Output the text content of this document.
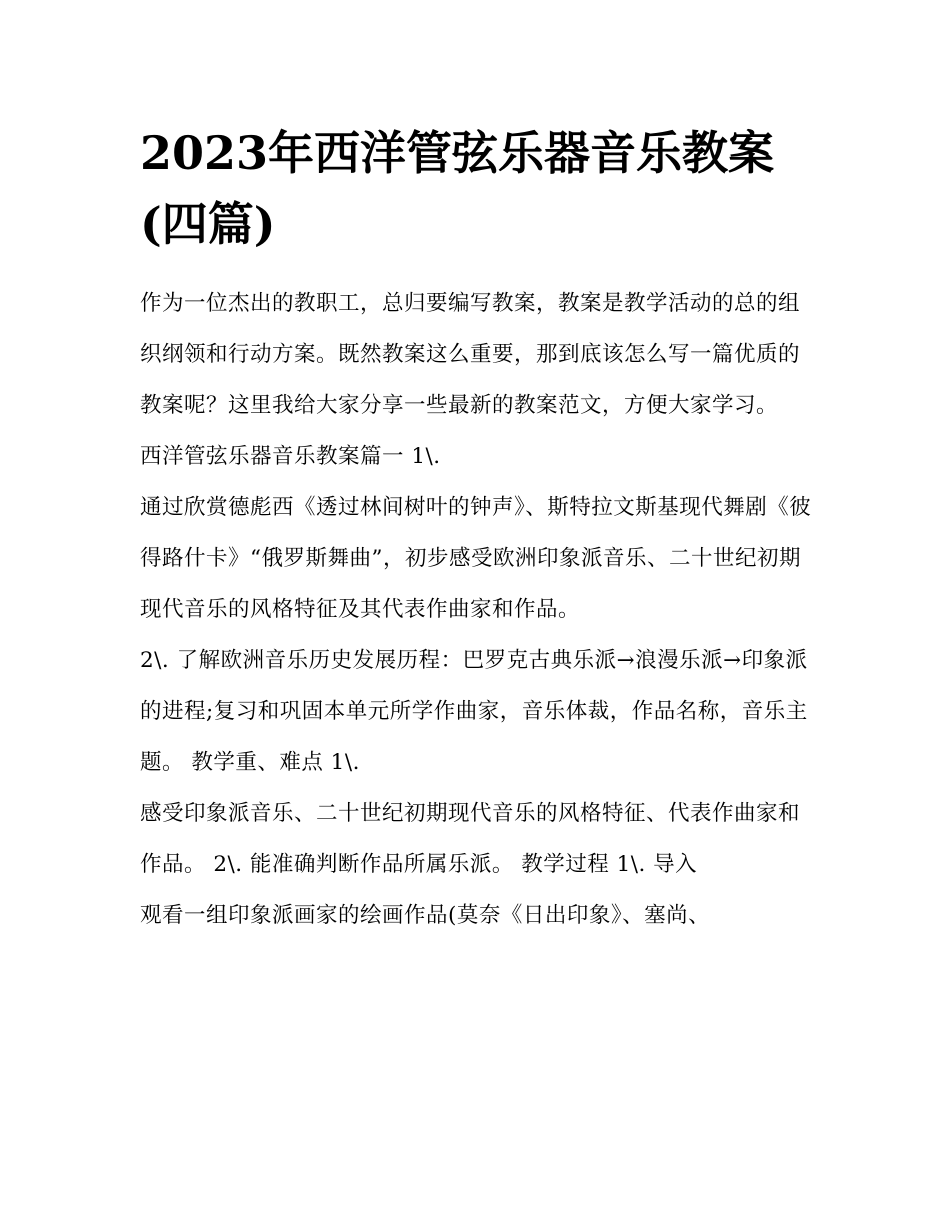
2023年西洋管弦乐器音乐教案(四篇)

作为一位杰出的教职工，总归要编写教案，教案是教学活动的总的组织纲领和行动方案。既然教案这么重要，那到底该怎么写一篇优质的教案呢？这里我给大家分享一些最新的教案范文，方便大家学习。

西洋管弦乐器音乐教案篇一 1\.

通过欣赏德彪西《透过林间树叶的钟声》、斯特拉文斯基现代舞剧《彼得路什卡》“俄罗斯舞曲”，初步感受欧洲印象派音乐、二十世纪初期现代音乐的风格特征及其代表作曲家和作品。

2\. 了解欧洲音乐历史发展历程：巴罗克古典乐派→浪漫乐派→印象派的进程;复习和巩固本单元所学作曲家，音乐体裁，作品名称，音乐主题。 教学重、难点 1\.

感受印象派音乐、二十世纪初期现代音乐的风格特征、代表作曲家和作品。 2\. 能准确判断作品所属乐派。 教学过程 1\. 导入

观看一组印象派画家的绘画作品(莫奈《日出印象》、塞尚、
